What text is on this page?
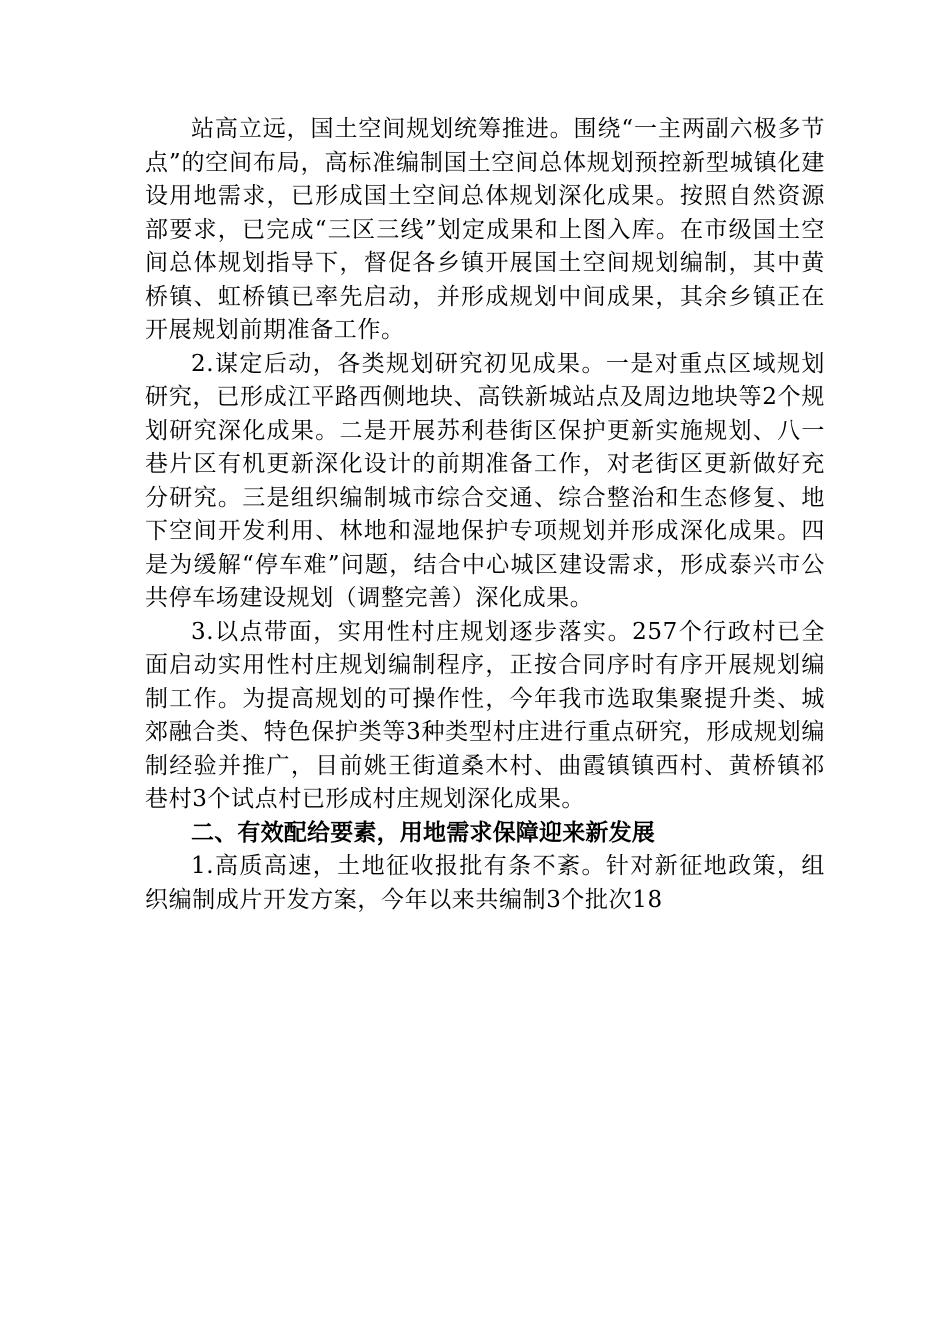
站高立远，国土空间规划统筹推进。围绕“一主两副六极多节点”的空间布局，高标准编制国土空间总体规划预控新型城镇化建设用地需求，已形成国土空间总体规划深化成果。按照自然资源部要求，已完成“三区三线”划定成果和上图入库。在市级国土空间总体规划指导下，督促各乡镇开展国土空间规划编制，其中黄桥镇、虹桥镇已率先启动，并形成规划中间成果，其余乡镇正在开展规划前期准备工作。

2.谋定后动，各类规划研究初见成果。一是对重点区域规划研究，已形成江平路西侧地块、高铁新城站点及周边地块等2个规划研究深化成果。二是开展苏利巷街区保护更新实施规划、八一巷片区有机更新深化设计的前期准备工作，对老街区更新做好充分研究。三是组织编制城市综合交通、综合整治和生态修复、地下空间开发利用、林地和湿地保护专项规划并形成深化成果。四是为缓解“停车难”问题，结合中心城区建设需求，形成泰兴市公共停车场建设规划（调整完善）深化成果。

3.以点带面，实用性村庄规划逐步落实。257个行政村已全面启动实用性村庄规划编制程序，正按合同序时有序开展规划编制工作。为提高规划的可操作性，今年我市选取集聚提升类、城郊融合类、特色保护类等3种类型村庄进行重点研究，形成规划编制经验并推广，目前姚王街道桑木村、曲霞镇镇西村、黄桥镇祁巷村3个试点村已形成村庄规划深化成果。

二、有效配给要素，用地需求保障迎来新发展

1.高质高速，土地征收报批有条不紊。针对新征地政策，组织编制成片开发方案，今年以来共编制3个批次18
